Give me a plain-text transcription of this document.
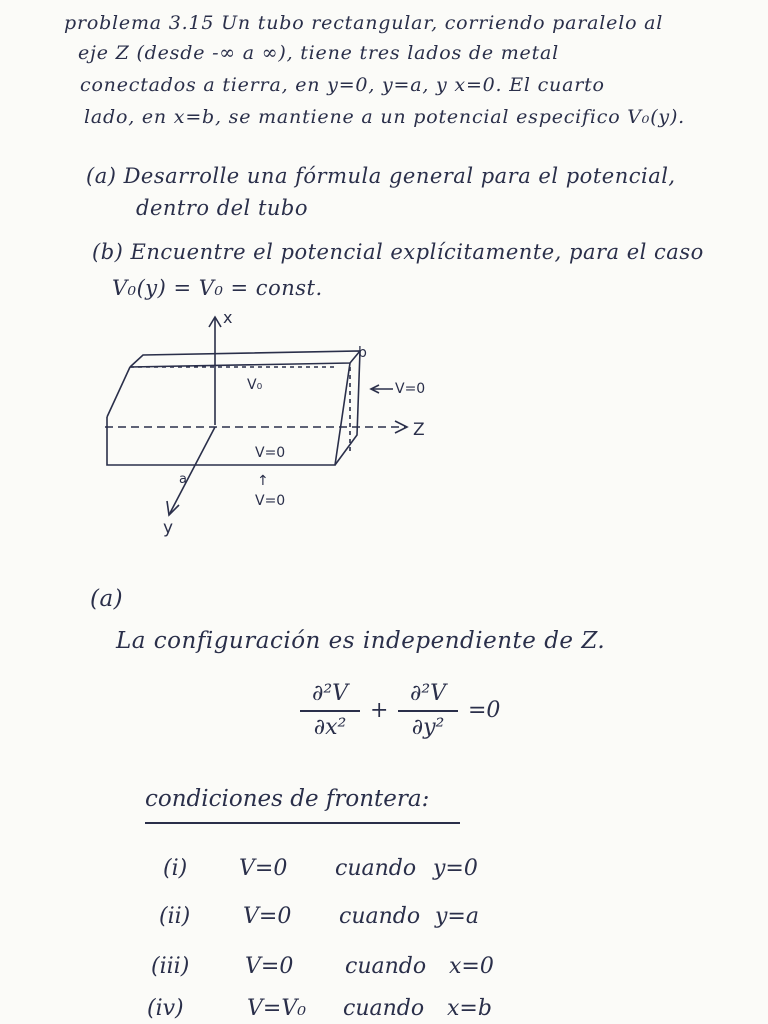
problema 3.15 Un tubo rectangular, corriendo paralelo al
eje Z (desde -∞ a ∞), tiene tres lados de metal
conectados a tierra, en y=0, y=a, y x=0. El cuarto
lado, en x=b, se mantiene a un potencial especifico V₀(y).
(a) Desarrolle una fórmula general para el potencial,
dentro del tubo
(b) Encuentre el potencial explícitamente, para el caso
V₀(y) = V₀ = const.
x
Z
y
b
a
V₀	V=0
V=0
↑
V=0
(a)
La configuración es independiente de Z.
∂²V
∂x²
+
∂²V
∂y²
=0
condiciones de frontera:
(i) V=0 cuando y=0
(ii) V=0 cuando y=a
(iii)	V=0 cuando x=0
(iv)	V=V₀ cuando x=b
